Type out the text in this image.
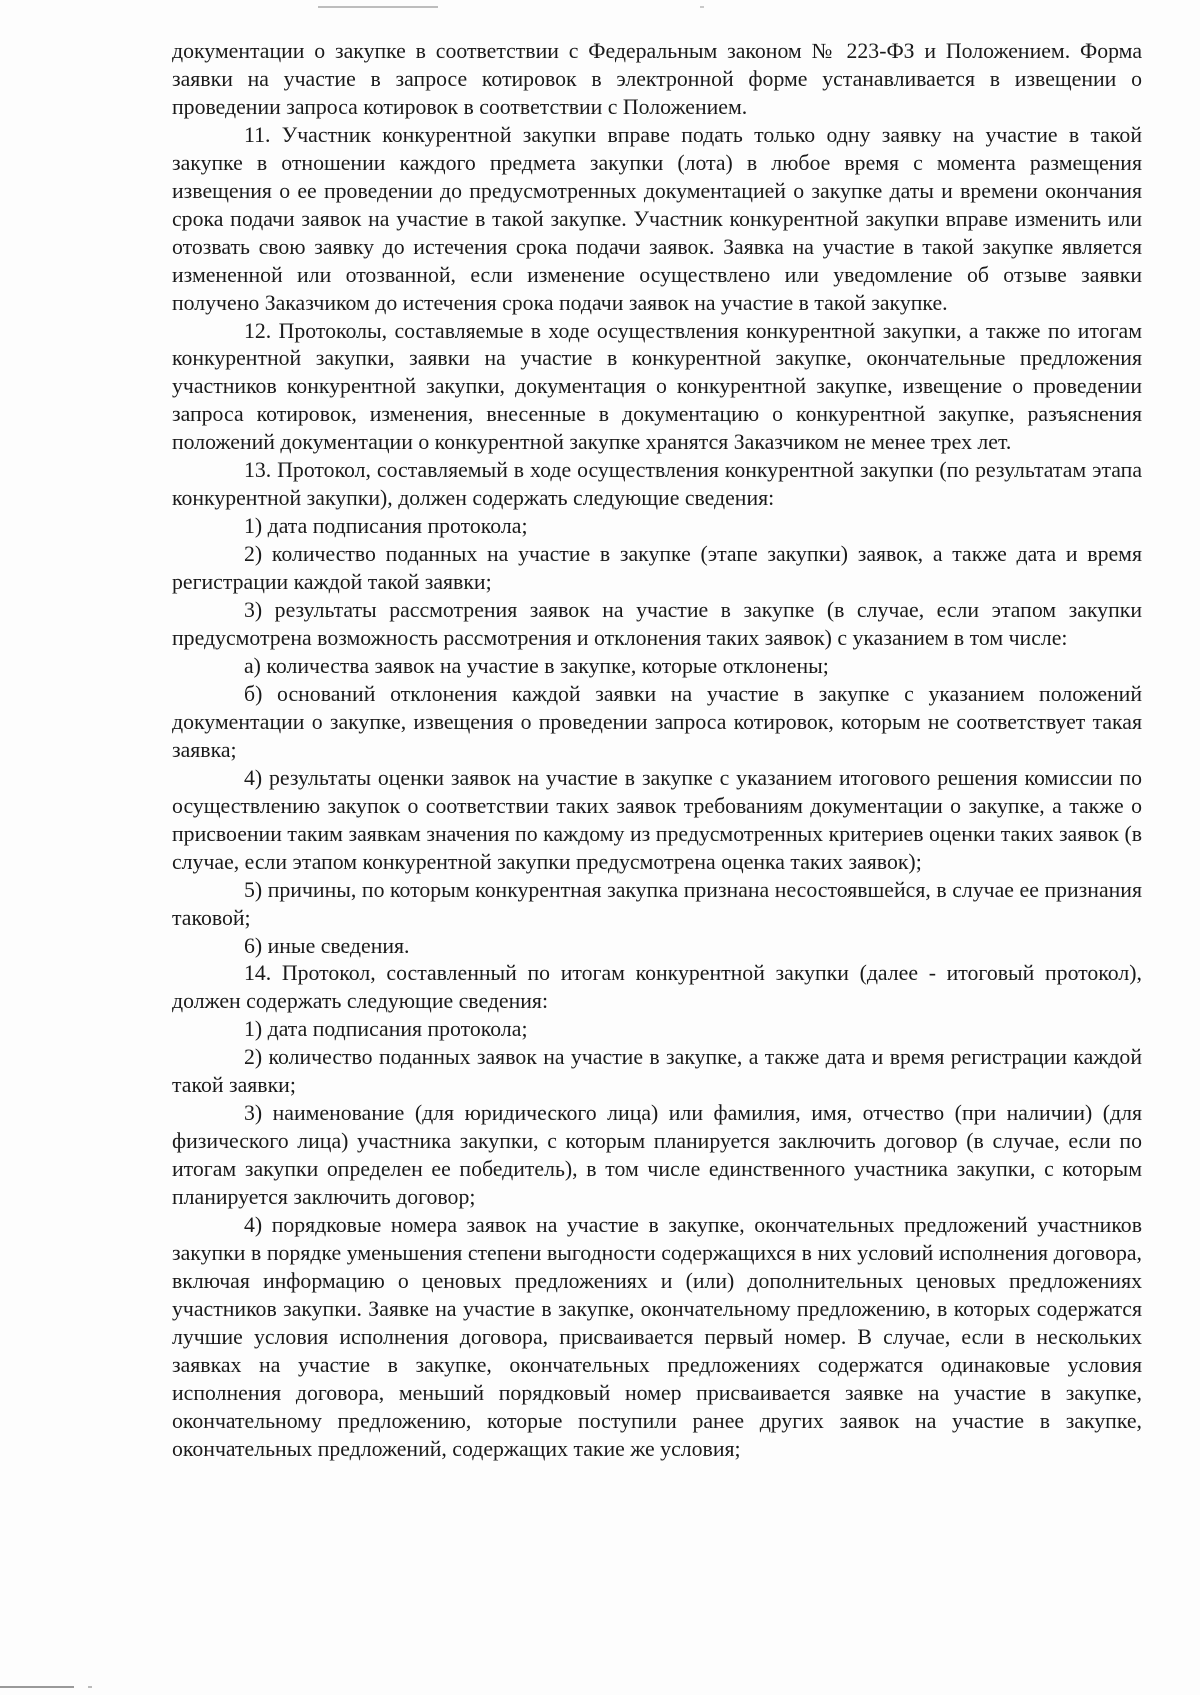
документации о закупке в соответствии с Федеральным законом № 223-ФЗ и Положением. Форма заявки на участие в запросе котировок в электронной форме устанавливается в извещении о проведении запроса котировок в соответствии с Положением.

11. Участник конкурентной закупки вправе подать только одну заявку на участие в такой закупке в отношении каждого предмета закупки (лота) в любое время с момента размещения извещения о ее проведении до предусмотренных документацией о закупке даты и времени окончания срока подачи заявок на участие в такой закупке. Участник конкурентной закупки вправе изменить или отозвать свою заявку до истечения срока подачи заявок. Заявка на участие в такой закупке является измененной или отозванной, если изменение осуществлено или уведомление об отзыве заявки получено Заказчиком до истечения срока подачи заявок на участие в такой закупке.

12. Протоколы, составляемые в ходе осуществления конкурентной закупки, а также по итогам конкурентной закупки, заявки на участие в конкурентной закупке, окончательные предложения участников конкурентной закупки, документация о конкурентной закупке, извещение о проведении запроса котировок, изменения, внесенные в документацию о конкурентной закупке, разъяснения положений документации о конкурентной закупке хранятся Заказчиком не менее трех лет.

13. Протокол, составляемый в ходе осуществления конкурентной закупки (по результатам этапа конкурентной закупки), должен содержать следующие сведения:

1) дата подписания протокола;

2) количество поданных на участие в закупке (этапе закупки) заявок, а также дата и время регистрации каждой такой заявки;

3) результаты рассмотрения заявок на участие в закупке (в случае, если этапом закупки предусмотрена возможность рассмотрения и отклонения таких заявок) с указанием в том числе:

а) количества заявок на участие в закупке, которые отклонены;

б) оснований отклонения каждой заявки на участие в закупке с указанием положений документации о закупке, извещения о проведении запроса котировок, которым не соответствует такая заявка;

4) результаты оценки заявок на участие в закупке с указанием итогового решения комиссии по осуществлению закупок о соответствии таких заявок требованиям документации о закупке, а также о присвоении таким заявкам значения по каждому из предусмотренных критериев оценки таких заявок (в случае, если этапом конкурентной закупки предусмотрена оценка таких заявок);

5) причины, по которым конкурентная закупка признана несостоявшейся, в случае ее признания таковой;

6) иные сведения.

14. Протокол, составленный по итогам конкурентной закупки (далее - итоговый протокол), должен содержать следующие сведения:

1) дата подписания протокола;

2) количество поданных заявок на участие в закупке, а также дата и время регистрации каждой такой заявки;

3) наименование (для юридического лица) или фамилия, имя, отчество (при наличии) (для физического лица) участника закупки, с которым планируется заключить договор (в случае, если по итогам закупки определен ее победитель), в том числе единственного участника закупки, с которым планируется заключить договор;

4) порядковые номера заявок на участие в закупке, окончательных предложений участников закупки в порядке уменьшения степени выгодности содержащихся в них условий исполнения договора, включая информацию о ценовых предложениях и (или) дополнительных ценовых предложениях участников закупки. Заявке на участие в закупке, окончательному предложению, в которых содержатся лучшие условия исполнения договора, присваивается первый номер. В случае, если в нескольких заявках на участие в закупке, окончательных предложениях содержатся одинаковые условия исполнения договора, меньший порядковый номер присваивается заявке на участие в закупке, окончательному предложению, которые поступили ранее других заявок на участие в закупке, окончательных предложений, содержащих такие же условия;
